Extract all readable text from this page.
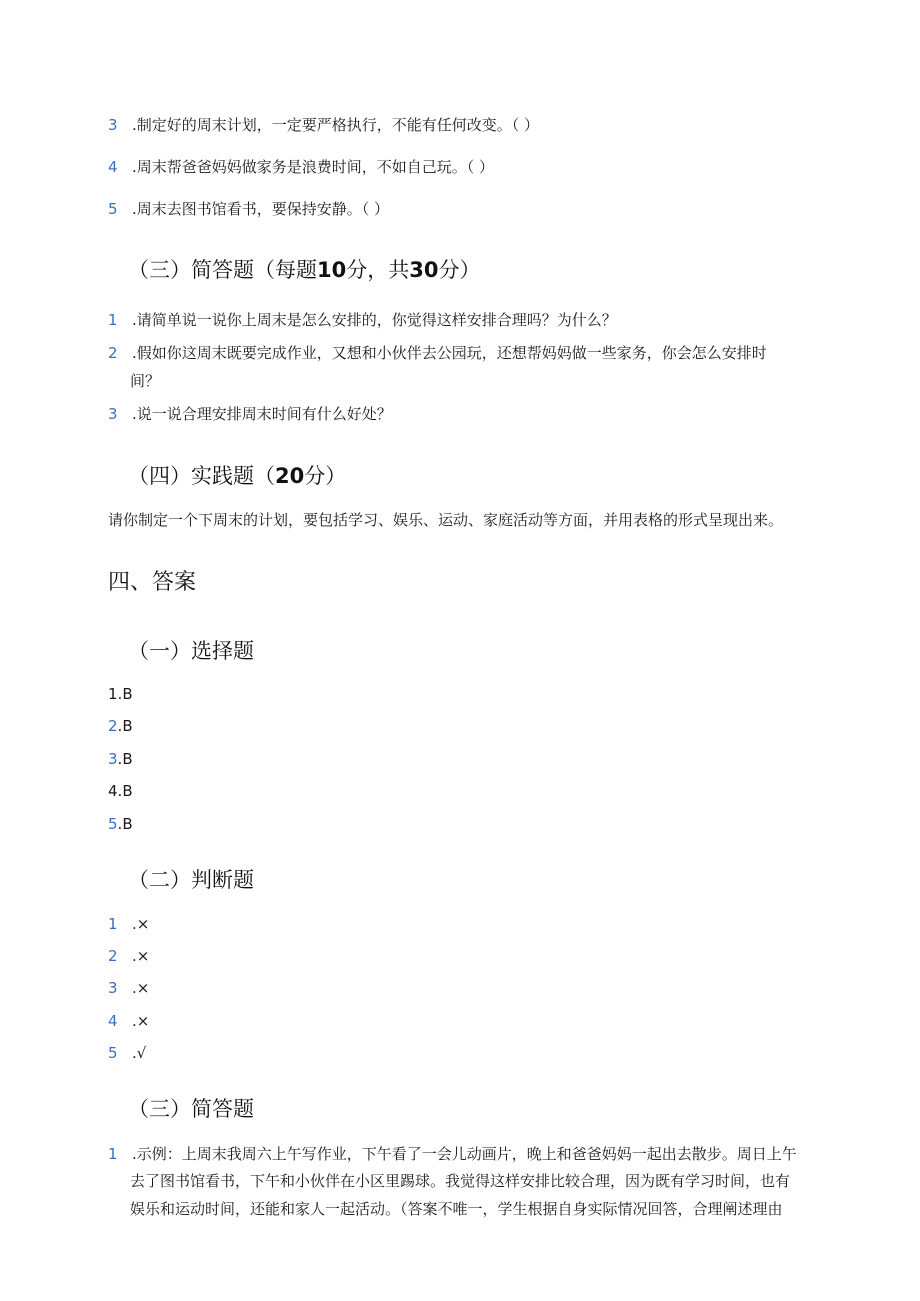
3 .制定好的周末计划，一定要严格执行，不能有任何改变。（ ）
4 .周末帮爸爸妈妈做家务是浪费时间，不如自己玩。（ ）
5 .周末去图书馆看书，要保持安静。（ ）
（三）简答题（每题10分，共30分）
1 .请简单说一说你上周末是怎么安排的，你觉得这样安排合理吗？为什么？
2 .假如你这周末既要完成作业，又想和小伙伴去公园玩，还想帮妈妈做一些家务，你会怎么安排时
间？
3 .说一说合理安排周末时间有什么好处？
（四）实践题（20分）
请你制定一个下周末的计划，要包括学习、娱乐、运动、家庭活动等方面，并用表格的形式呈现出来。
四、答案
（一）选择题
1.B
2.B
3.B
4.B
5.B
（二）判断题
1 .×
2 .×
3 .×
4 .×
5 .√
（三）简答题
1 .示例：上周末我周六上午写作业，下午看了一会儿动画片，晚上和爸爸妈妈一起出去散步。周日上午
去了图书馆看书，下午和小伙伴在小区里踢球。我觉得这样安排比较合理，因为既有学习时间，也有
娱乐和运动时间，还能和家人一起活动。（答案不唯一，学生根据自身实际情况回答，合理阐述理由
